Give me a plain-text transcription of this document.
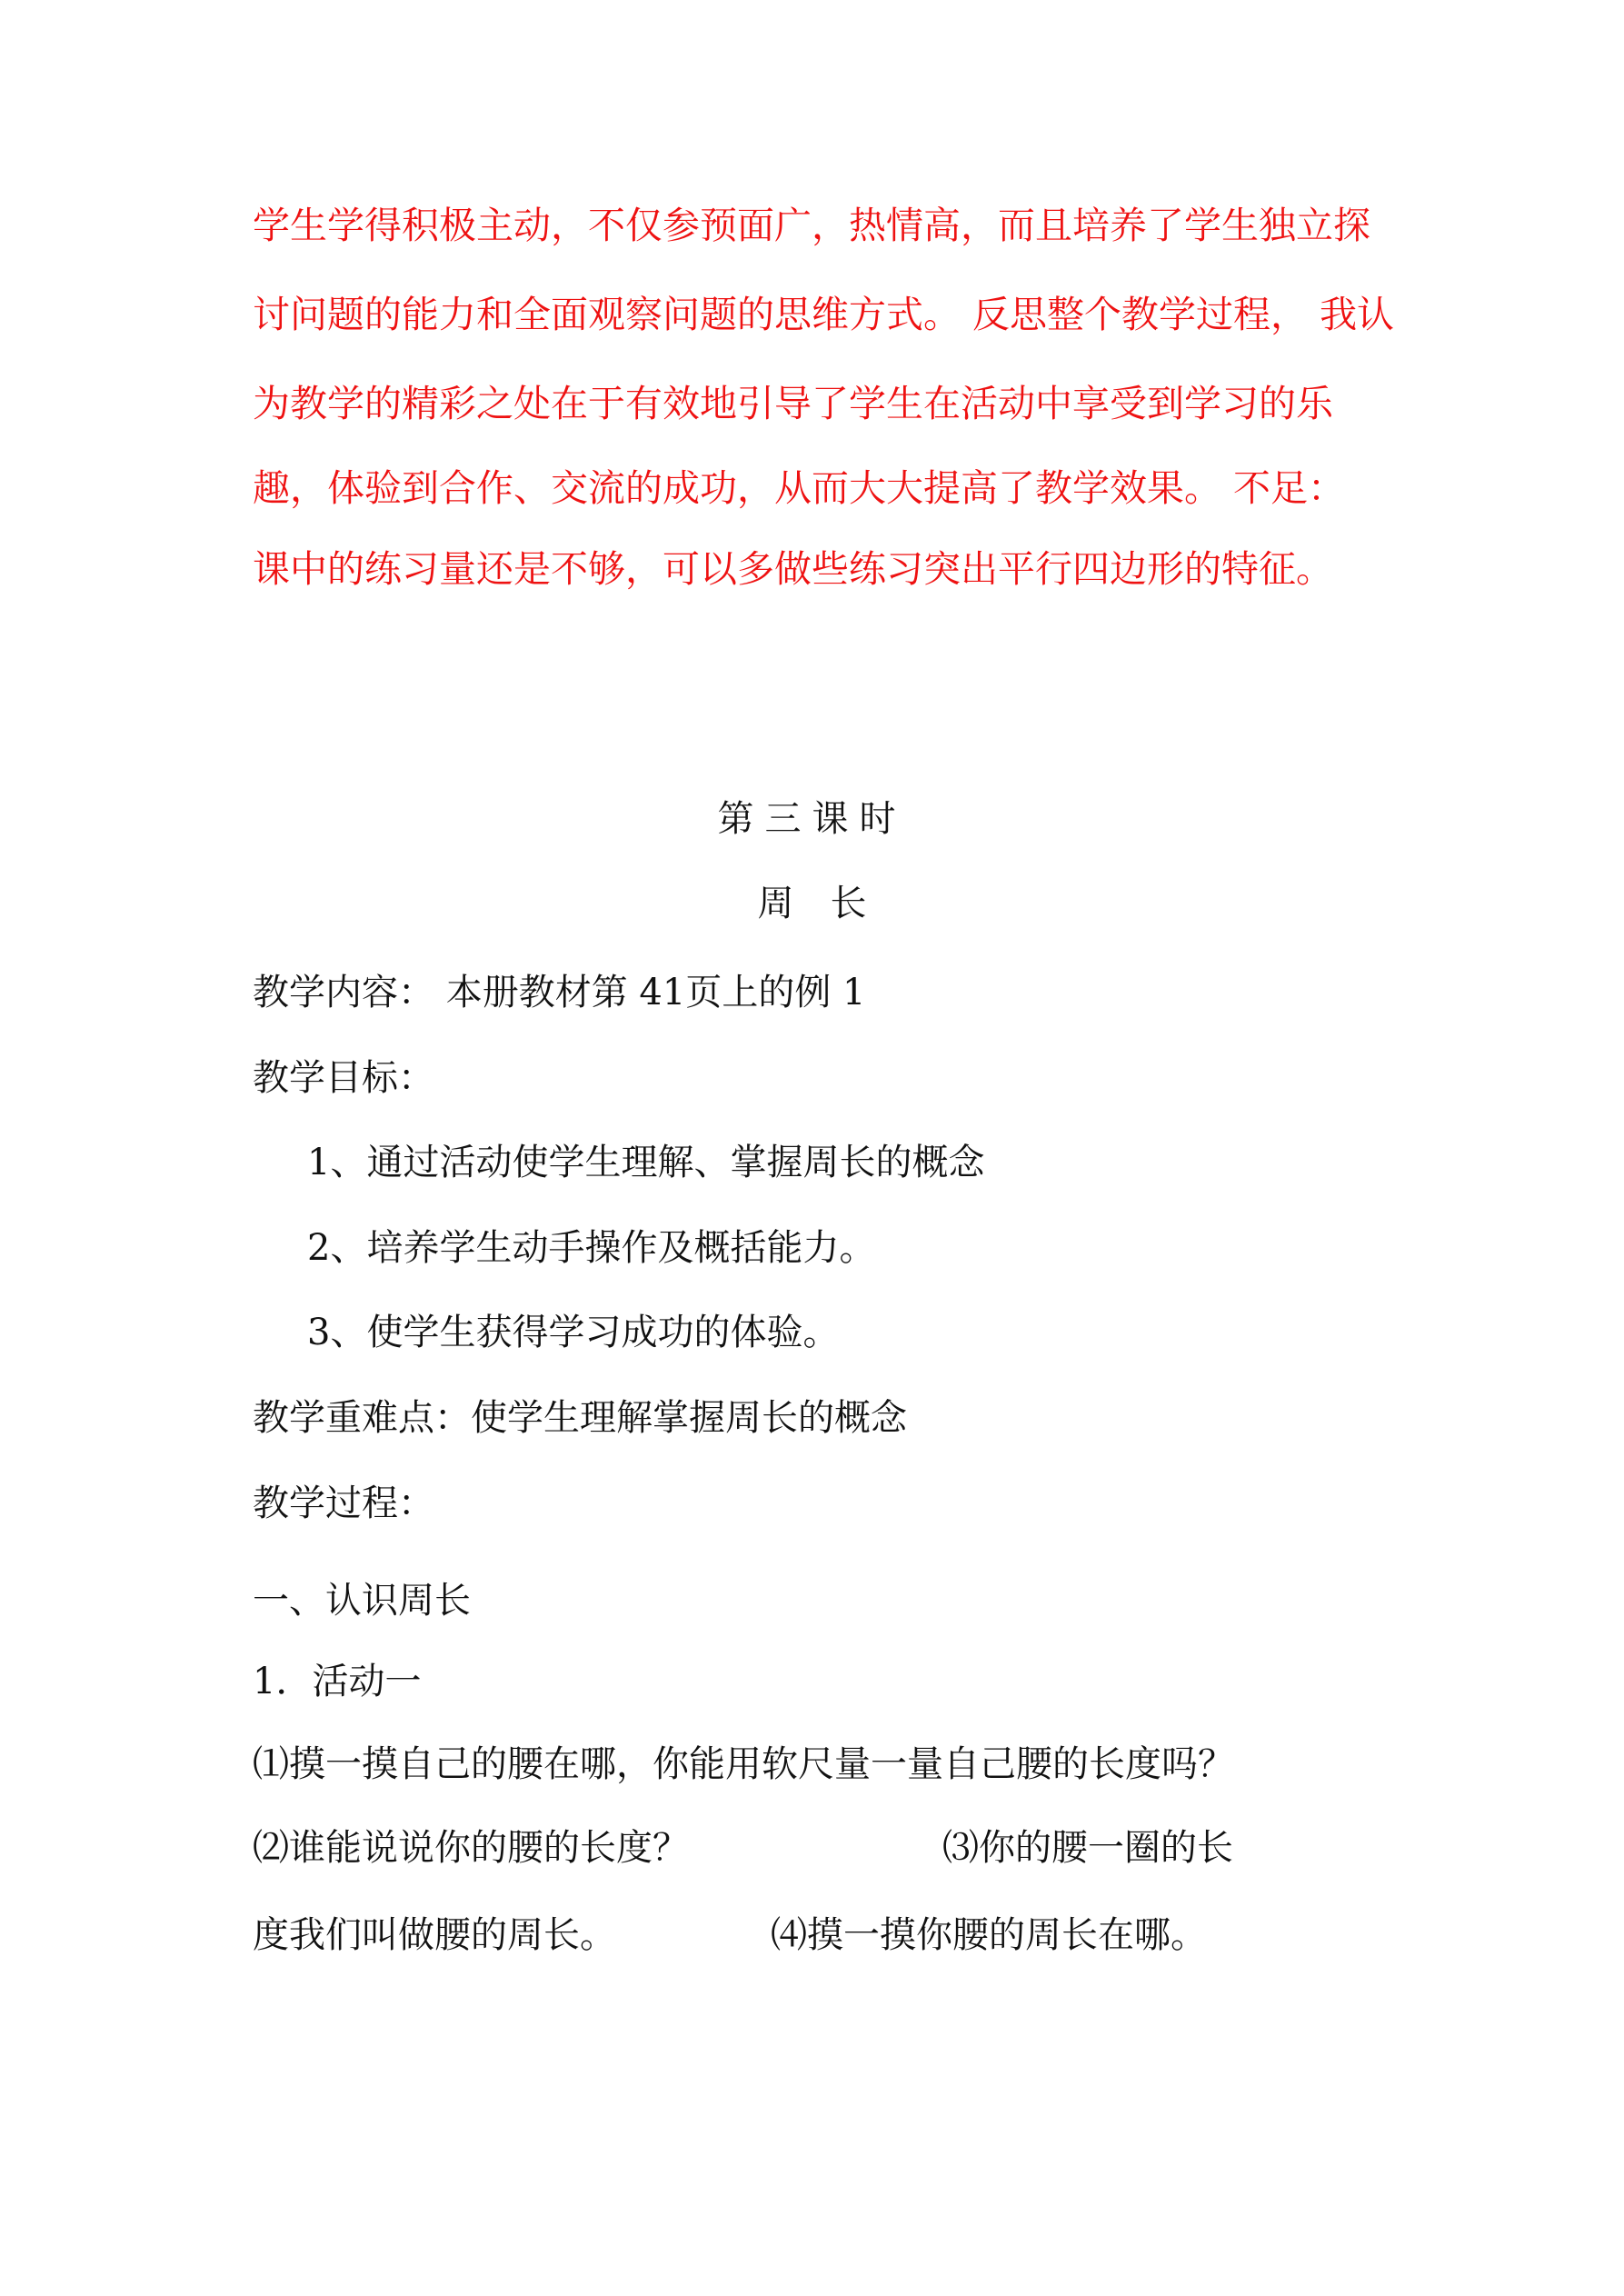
学生学得积极主动，不仅参预面广，热情高，而且培养了学生独立探
讨问题的能力和全面观察问题的思维方式。 反思整个教学过程， 我认
为教学的精彩之处在于有效地引导了学生在活动中享受到学习的乐
趣，体验到合作、交流的成功，从而大大提高了教学效果。 不足：
课中的练习量还是不够，可以多做些练习突出平行四边形的特征。
第三课时
周长
教学内容： 本册教材第 41页上的例 1
教学目标：
1、通过活动使学生理解、掌握周长的概念
2、培养学生动手操作及概括能力。
3、使学生获得学习成功的体验。
教学重难点：使学生理解掌握周长的概念
教学过程：
一、认识周长
1．活动一
⑴摸一摸自己的腰在哪，你能用软尺量一量自己腰的长度吗？
⑵谁能说说你的腰的长度？	⑶你的腰一圈的长
度我们叫做腰的周长。	⑷摸一摸你腰的周长在哪。
